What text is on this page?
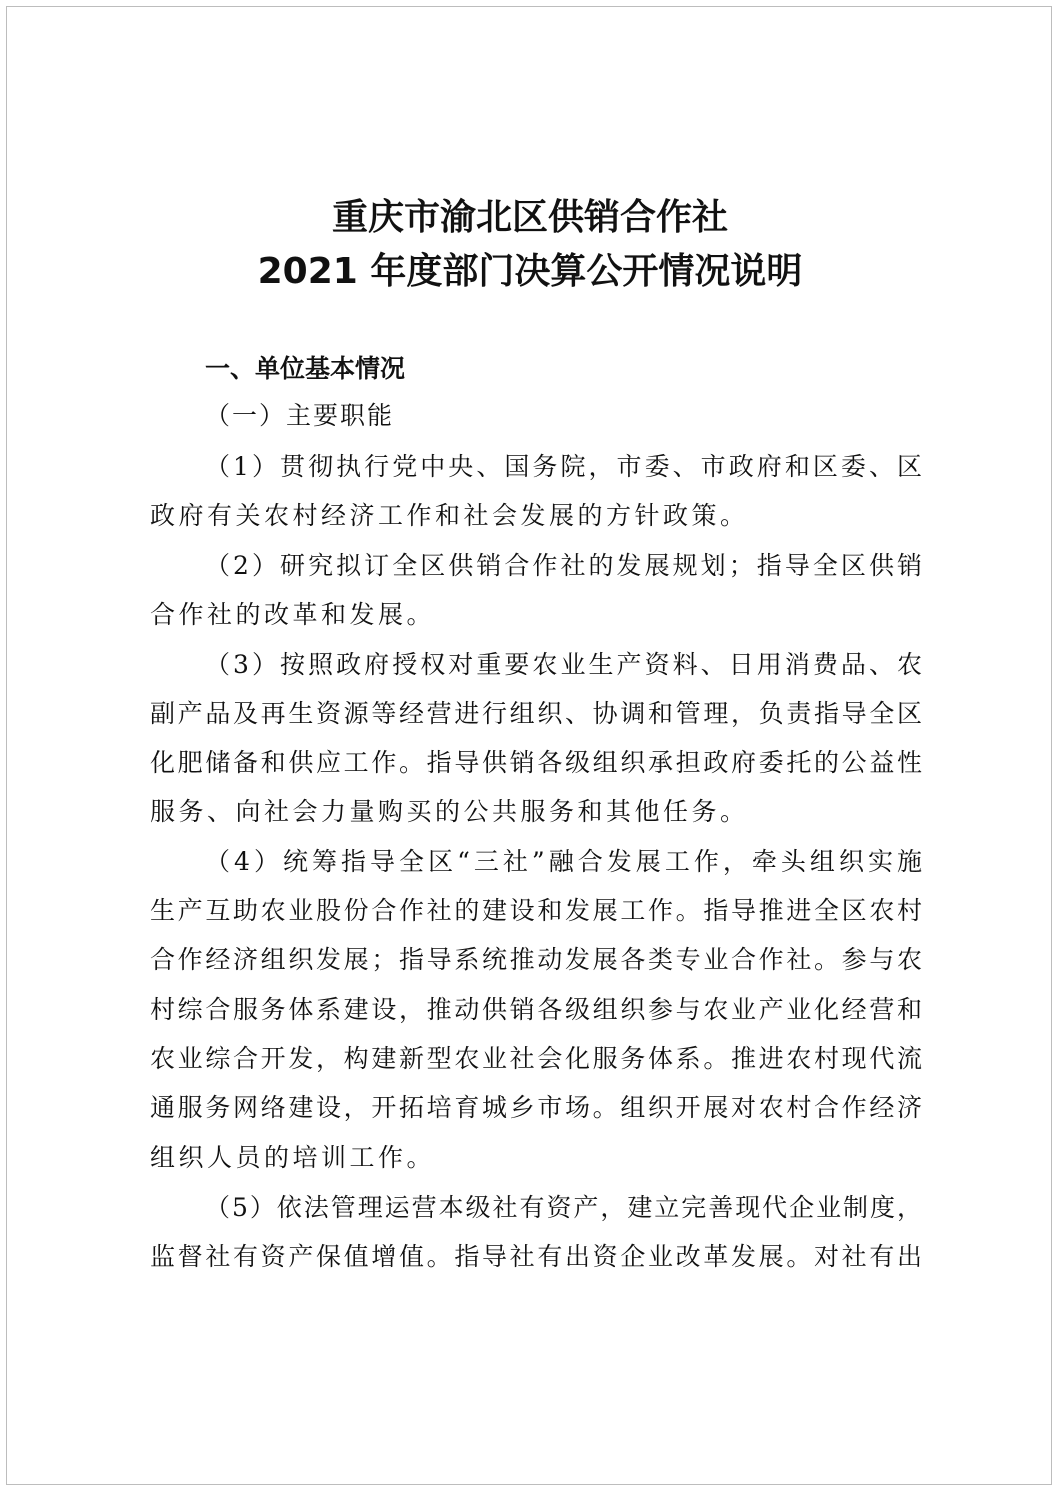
重庆市渝北区供销合作社
2021 年度部门决算公开情况说明
一、单位基本情况
（一）主要职能
（1）贯彻执行党中央、国务院，市委、市政府和区委、区
政府有关农村经济工作和社会发展的方针政策。
（2）研究拟订全区供销合作社的发展规划；指导全区供销
合作社的改革和发展。
（3）按照政府授权对重要农业生产资料、日用消费品、农
副产品及再生资源等经营进行组织、协调和管理，负责指导全区
化肥储备和供应工作。指导供销各级组织承担政府委托的公益性
服务、向社会力量购买的公共服务和其他任务。
（4）统筹指导全区“三社”融合发展工作，牵头组织实施
生产互助农业股份合作社的建设和发展工作。指导推进全区农村
合作经济组织发展；指导系统推动发展各类专业合作社。参与农
村综合服务体系建设，推动供销各级组织参与农业产业化经营和
农业综合开发，构建新型农业社会化服务体系。推进农村现代流
通服务网络建设，开拓培育城乡市场。组织开展对农村合作经济
组织人员的培训工作。
（5）依法管理运营本级社有资产，建立完善现代企业制度，
监督社有资产保值增值。指导社有出资企业改革发展。对社有出
